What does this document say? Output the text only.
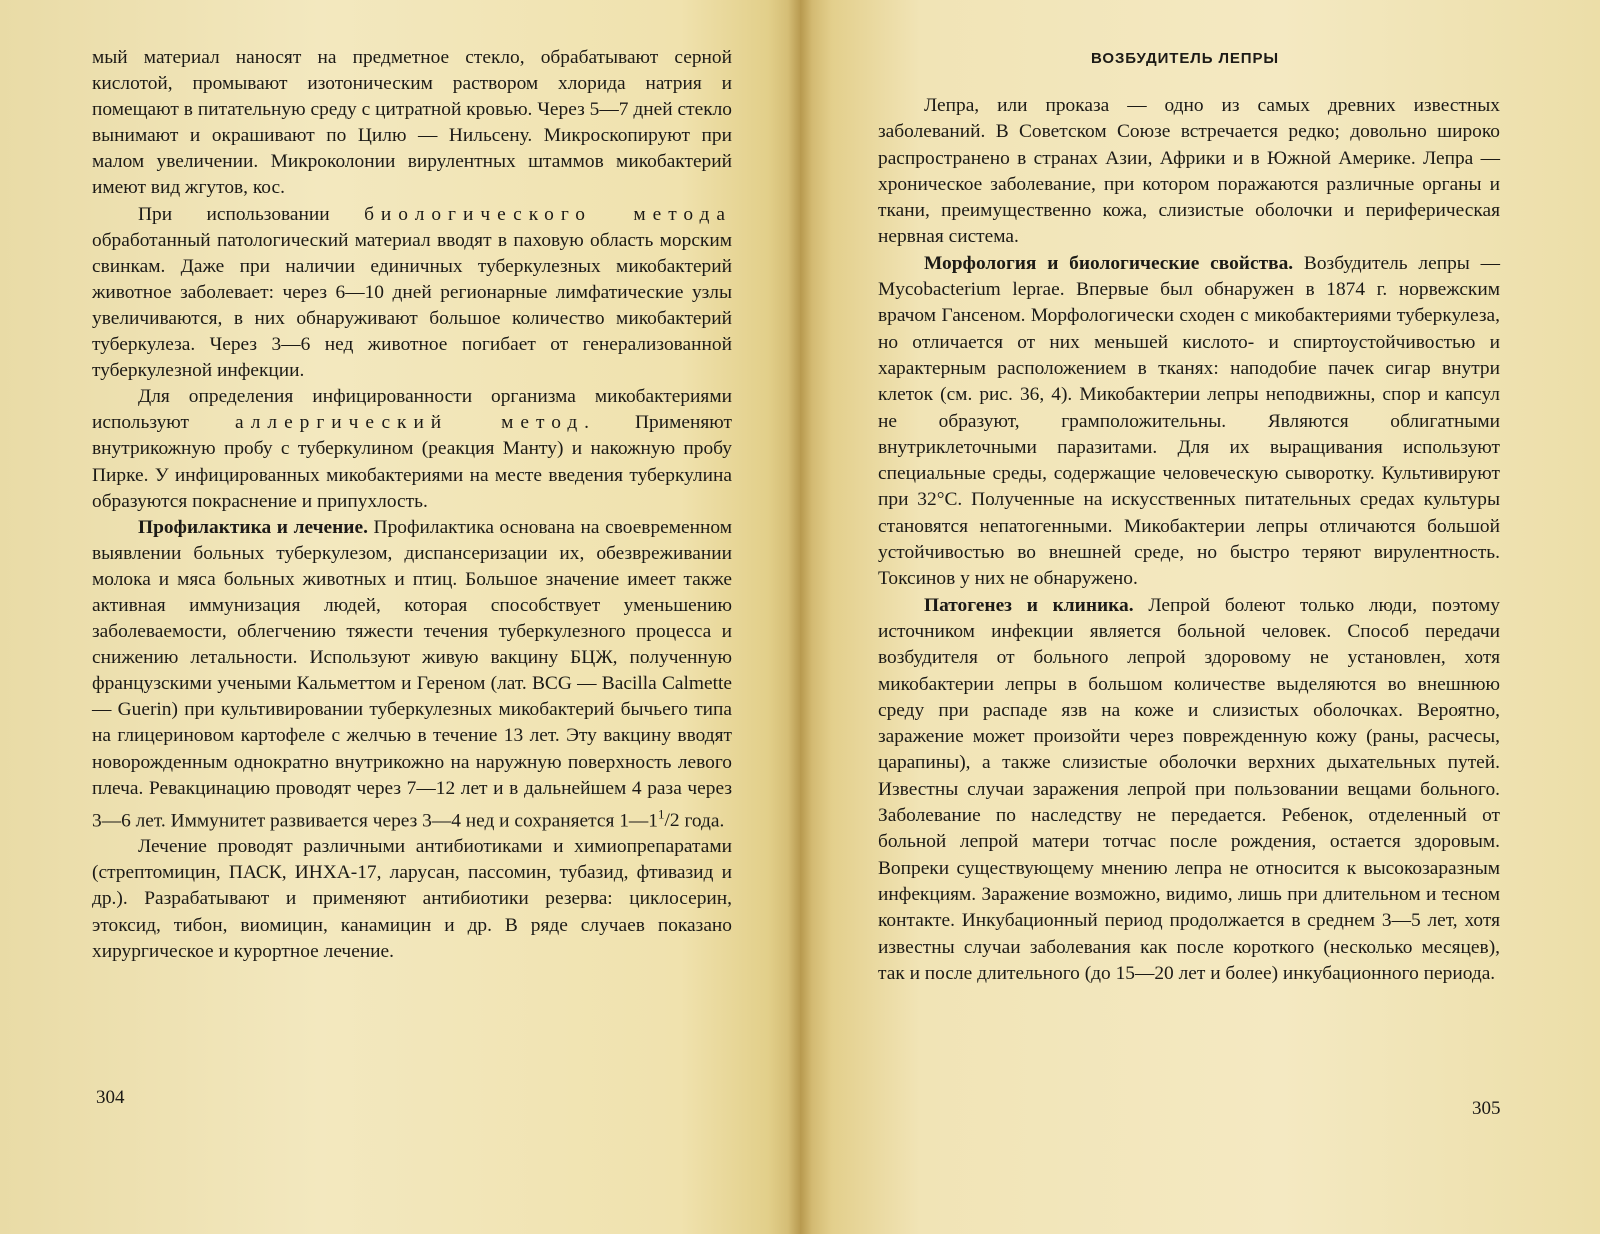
мый материал наносят на предметное стекло, обрабатывают серной кислотой, промывают изотоническим раствором хлорида натрия и помещают в питательную среду с цитратной кровью. Через 5—7 дней стекло вынимают и окрашивают по Цилю — Нильсену. Микроскопируют при малом увеличении. Микроколонии вирулентных штаммов микобактерий имеют вид жгутов, кос.

При использовании биологического метода обработанный патологический материал вводят в паховую область морским свинкам. Даже при наличии единичных туберкулезных микобактерий животное заболевает: через 6—10 дней регионарные лимфатические узлы увеличиваются, в них обнаруживают большое количество микобактерий туберкулеза. Через 3—6 нед животное погибает от генерализованной туберкулезной инфекции.

Для определения инфицированности организма микобактериями используют аллергический метод. Применяют внутрикожную пробу с туберкулином (реакция Манту) и накожную пробу Пирке. У инфицированных микобактериями на месте введения туберкулина образуются покраснение и припухлость.

Профилактика и лечение. Профилактика основана на своевременном выявлении больных туберкулезом, диспансеризации их, обезвреживании молока и мяса больных животных и птиц. Большое значение имеет также активная иммунизация людей, которая способствует уменьшению заболеваемости, облегчению тяжести течения туберкулезного процесса и снижению летальности. Используют живую вакцину БЦЖ, полученную французскими учеными Кальметтом и Гереном (лат. BCG — Bacilla Calmette — Guerin) при культивировании туберкулезных микобактерий бычьего типа на глицериновом картофеле с желчью в течение 13 лет. Эту вакцину вводят новорожденным однократно внутрикожно на наружную поверхность левого плеча. Ревакцинацию проводят через 7—12 лет и в дальнейшем 4 раза через 3—6 лет. Иммунитет развивается через 3—4 нед и сохраняется $1—1^1/2$ года.

Лечение проводят различными антибиотиками и химиопрепаратами (стрептомицин, ПАСК, ИНХА-17, ларусан, пассомин, тубазид, фтивазид и др.). Разрабатывают и применяют антибиотики резерва: циклосерин, этоксид, тибон, виомицин, канамицин и др. В ряде случаев показано хирургическое и курортное лечение.

304
ВОЗБУДИТЕЛЬ ЛЕПРЫ

Лепра, или проказа — одно из самых древних известных заболеваний. В Советском Союзе встречается редко; довольно широко распространено в странах Азии, Африки и в Южной Америке. Лепра — хроническое заболевание, при котором поражаются различные органы и ткани, преимущественно кожа, слизистые оболочки и периферическая нервная система.

Морфология и биологические свойства. Возбудитель лепры — Mycobacterium leprae. Впервые был обнаружен в 1874 г. норвежским врачом Гансеном. Морфологически сходен с микобактериями туберкулеза, но отличается от них меньшей кислото- и спиртоустойчивостью и характерным расположением в тканях: наподобие пачек сигар внутри клеток (см. рис. 36, 4). Микобактерии лепры неподвижны, спор и капсул не образуют, грамположительны. Являются облигатными внутриклеточными паразитами. Для их выращивания используют специальные среды, содержащие человеческую сыворотку. Культивируют при 32°С. Полученные на искусственных питательных средах культуры становятся непатогенными. Микобактерии лепры отличаются большой устойчивостью во внешней среде, но быстро теряют вирулентность. Токсинов у них не обнаружено.

Патогенез и клиника. Лепрой болеют только люди, поэтому источником инфекции является больной человек. Способ передачи возбудителя от больного лепрой здоровому не установлен, хотя микобактерии лепры в большом количестве выделяются во внешнюю среду при распаде язв на коже и слизистых оболочках. Вероятно, заражение может произойти через поврежденную кожу (раны, расчесы, царапины), а также слизистые оболочки верхних дыхательных путей. Известны случаи заражения лепрой при пользовании вещами больного. Заболевание по наследству не передается. Ребенок, отделенный от больной лепрой матери тотчас после рождения, остается здоровым. Вопреки существующему мнению лепра не относится к высокозаразным инфекциям. Заражение возможно, видимо, лишь при длительном и тесном контакте. Инкубационный период продолжается в среднем 3—5 лет, хотя известны случаи заболевания как после короткого (несколько месяцев), так и после длительного (до 15—20 лет и более) инкубационного периода.

305
